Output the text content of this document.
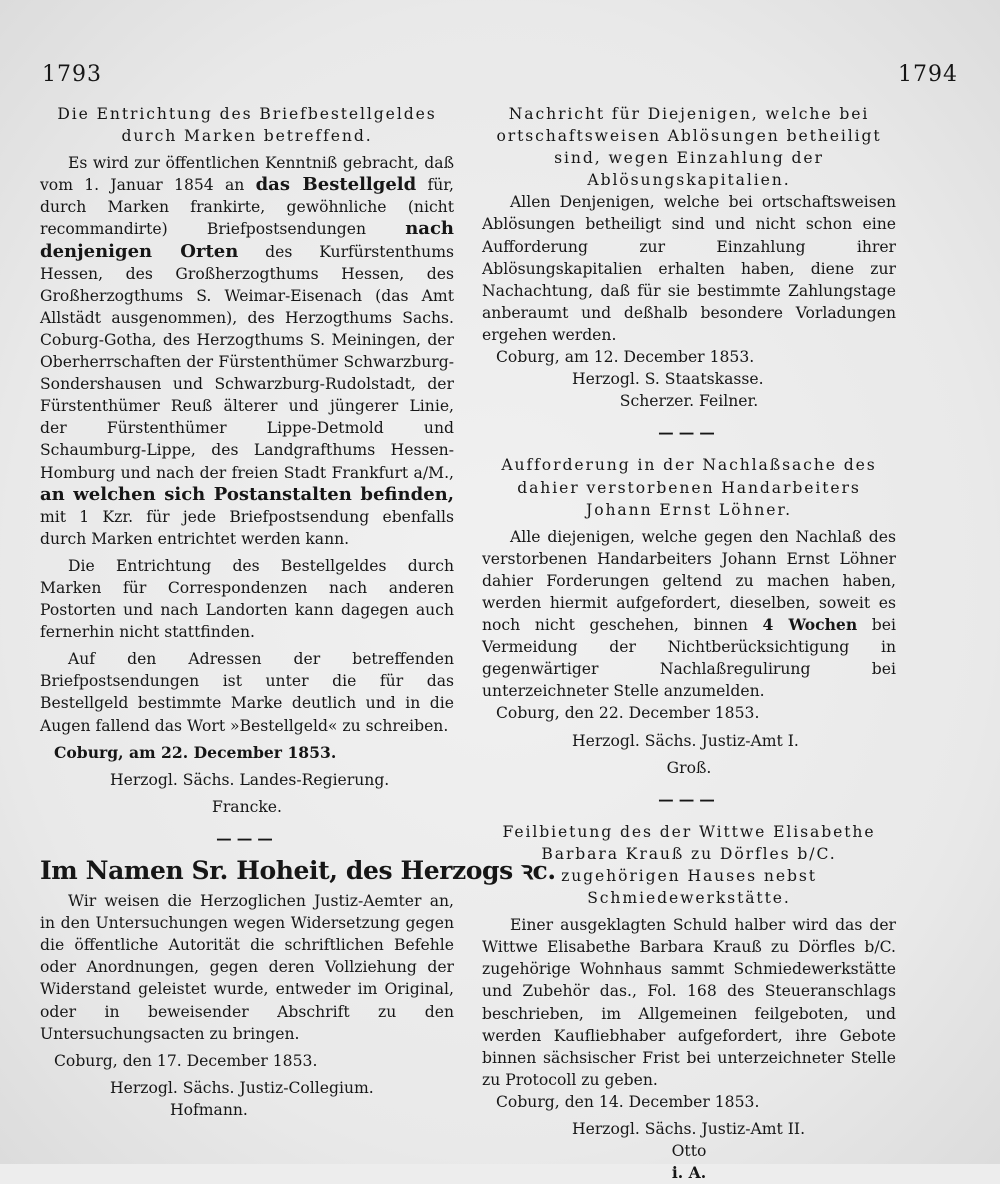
1793	1794

Die Entrichtung des Briefbestellgeldes durch Marken betreffend.

Es wird zur öffentlichen Kenntniß gebracht, daß vom 1. Januar 1854 an das Bestellgeld für, durch Marken frankirte, gewöhnliche (nicht recommandirte) Briefpostsendungen nach denjenigen Orten des Kurfürstenthums Hessen, des Großherzogthums Hessen, des Großherzogthums S. Weimar-Eisenach (das Amt Allstädt ausgenommen), des Herzogthums Sachs. Coburg-Gotha, des Herzogthums S. Meiningen, der Oberherrschaften der Fürstenthümer Schwarzburg-Sondershausen und Schwarzburg-Rudolstadt, der Fürstenthümer Reuß älterer und jüngerer Linie, der Fürstenthümer Lippe-Detmold und Schaumburg-Lippe, des Landgrafthums Hessen-Homburg und nach der freien Stadt Frankfurt a/M., an welchen sich Postanstalten befinden, mit 1 Kzr. für jede Briefpostsendung ebenfalls durch Marken entrichtet werden kann.

Die Entrichtung des Bestellgeldes durch Marken für Correspondenzen nach anderen Postorten und nach Landorten kann dagegen auch fernerhin nicht stattfinden.

Auf den Adressen der betreffenden Briefpostsendungen ist unter die für das Bestellgeld bestimmte Marke deutlich und in die Augen fallend das Wort »Bestellgeld« zu schreiben.

Coburg, am 22. December 1853.

Herzogl. Sächs. Landes-Regierung.

Francke.

———
Im Namen Sr. Hoheit, des Herzogs ꝛc.

Wir weisen die Herzoglichen Justiz-Aemter an, in den Untersuchungen wegen Widersetzung gegen die öffentliche Autorität die schriftlichen Befehle oder Anordnungen, gegen deren Vollziehung der Widerstand geleistet wurde, entweder im Original, oder in beweisender Abschrift zu den Untersuchungsacten zu bringen.

Coburg, den 17. December 1853.

Herzogl. Sächs. Justiz-Collegium.

Hofmann.

Nachricht für Diejenigen, welche bei ortschaftsweisen Ablösungen betheiligt sind, wegen Einzahlung der Ablösungskapitalien.

Allen Denjenigen, welche bei ortschaftsweisen Ablösungen betheiligt sind und nicht schon eine Aufforderung zur Einzahlung ihrer Ablösungskapitalien erhalten haben, diene zur Nachachtung, daß für sie bestimmte Zahlungstage anberaumt und deßhalb besondere Vorladungen ergehen werden.

Coburg, am 12. December 1853.

Herzogl. S. Staatskasse.

Scherzer. Feilner.

———

Aufforderung in der Nachlaßsache des dahier verstorbenen Handarbeiters Johann Ernst Löhner.

Alle diejenigen, welche gegen den Nachlaß des verstorbenen Handarbeiters Johann Ernst Löhner dahier Forderungen geltend zu machen haben, werden hiermit aufgefordert, dieselben, soweit es noch nicht geschehen, binnen 4 Wochen bei Vermeidung der Nichtberücksichtigung in gegenwärtiger Nachlaßregulirung bei unterzeichneter Stelle anzumelden.

Coburg, den 22. December 1853.

Herzogl. Sächs. Justiz-Amt I.

Groß.

———

Feilbietung des der Wittwe Elisabethe Barbara Krauß zu Dörfles b/C. zugehörigen Hauses nebst Schmiedewerkstätte.

Einer ausgeklagten Schuld halber wird das der Wittwe Elisabethe Barbara Krauß zu Dörfles b/C. zugehörige Wohnhaus sammt Schmiedewerkstätte und Zubehör das., Fol. 168 des Steueranschlags beschrieben, im Allgemeinen feilgeboten, und werden Kaufliebhaber aufgefordert, ihre Gebote binnen sächsischer Frist bei unterzeichneter Stelle zu Protocoll zu geben.

Coburg, den 14. December 1853.

Herzogl. Sächs. Justiz-Amt II.

Otto

i. A.
